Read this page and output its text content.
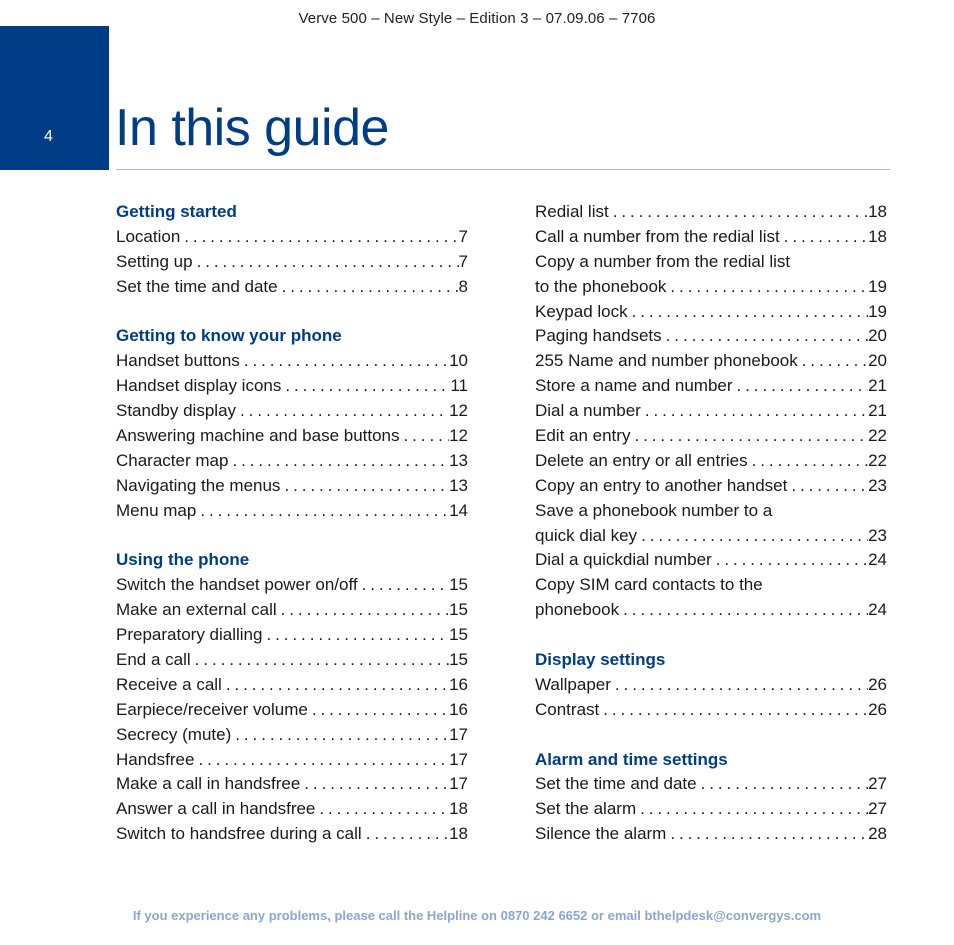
Verve 500 – New Style – Edition 3 – 07.09.06 – 7706
4 In this guide
Getting started
Location . . .	7
Setting up . . .	7
Set the time and date . . .	8
Getting to know your phone
Handset buttons . . .	10
Handset display icons . . .	11
Standby display . . .	12
Answering machine and base buttons . . .	12
Character map . . .	13
Navigating the menus . . .	13
Menu map . . .	14
Using the phone
Switch the handset power on/off . . .	15
Make an external call . . .	15
Preparatory dialling . . .	15
End a call . . .	15
Receive a call . . .	16
Earpiece/receiver volume . . .	16
Secrecy (mute) . . .	17
Handsfree . . .	17
Make a call in handsfree . . .	17
Answer a call in handsfree . . .	18
Switch to handsfree during a call . . .	18
Redial list . . .	18
Call a number from the redial list . . .	18
Copy a number from the redial list
to the phonebook . . .	19
Keypad lock . . .	19
Paging handsets . . .	20
255 Name and number phonebook . . .	20
Store a name and number . . .	21
Dial a number . . .	21
Edit an entry . . .	22
Delete an entry or all entries . . .	22
Copy an entry to another handset . . .	23
Save a phonebook number to a
quick dial key . . .	23
Dial a quickdial number . . .	24
Copy SIM card contacts to the
phonebook . . .	24
Display settings
Wallpaper . . .	26
Contrast . . .	26
Alarm and time settings
Set the time and date . . .	27
Set the alarm . . .	27
Silence the alarm . . .	28
If you experience any problems, please call the Helpline on 0870 242 6652 or email bthelpdesk@convergys.com
